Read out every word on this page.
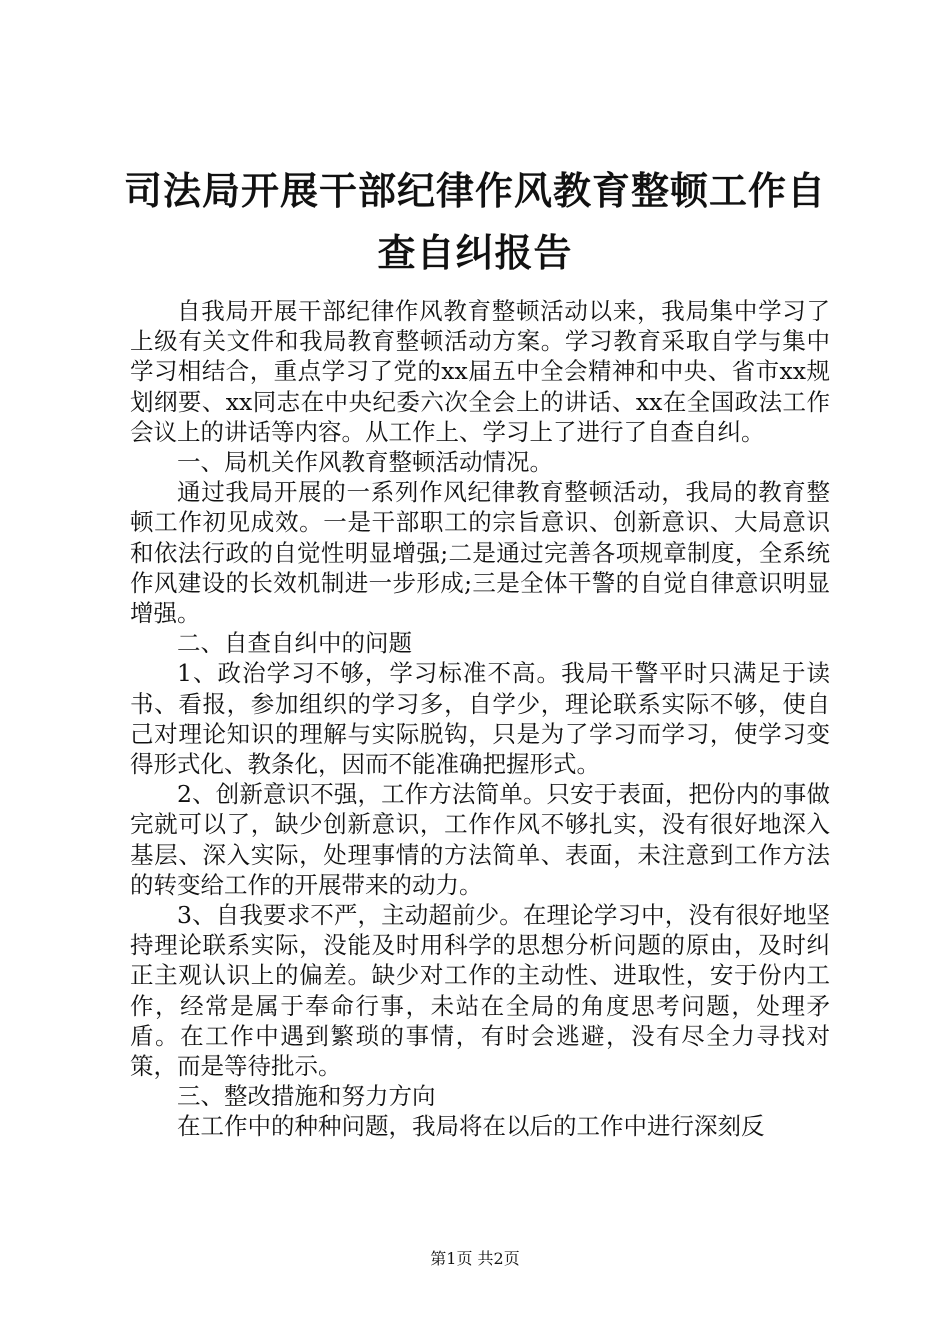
司法局开展干部纪律作风教育整顿工作自查自纠报告

自我局开展干部纪律作风教育整顿活动以来，我局集中学习了上级有关文件和我局教育整顿活动方案。学习教育采取自学与集中学习相结合，重点学习了党的xx届五中全会精神和中央、省市xx规划纲要、xx同志在中央纪委六次全会上的讲话、xx在全国政法工作会议上的讲话等内容。从工作上、学习上了进行了自查自纠。

一、局机关作风教育整顿活动情况。

通过我局开展的一系列作风纪律教育整顿活动，我局的教育整顿工作初见成效。一是干部职工的宗旨意识、创新意识、大局意识和依法行政的自觉性明显增强;二是通过完善各项规章制度，全系统作风建设的长效机制进一步形成;三是全体干警的自觉自律意识明显增强。

二、自查自纠中的问题

1、政治学习不够，学习标准不高。我局干警平时只满足于读书、看报，参加组织的学习多，自学少，理论联系实际不够，使自己对理论知识的理解与实际脱钩，只是为了学习而学习，使学习变得形式化、教条化，因而不能准确把握形式。

2、创新意识不强，工作方法简单。只安于表面，把份内的事做完就可以了，缺少创新意识，工作作风不够扎实，没有很好地深入基层、深入实际，处理事情的方法简单、表面，未注意到工作方法的转变给工作的开展带来的动力。

3、自我要求不严，主动超前少。在理论学习中，没有很好地坚持理论联系实际，没能及时用科学的思想分析问题的原由，及时纠正主观认识上的偏差。缺少对工作的主动性、进取性，安于份内工作，经常是属于奉命行事，未站在全局的角度思考问题，处理矛盾。在工作中遇到繁琐的事情，有时会逃避，没有尽全力寻找对策，而是等待批示。

三、整改措施和努力方向

在工作中的种种问题，我局将在以后的工作中进行深刻反

第1页 共2页
